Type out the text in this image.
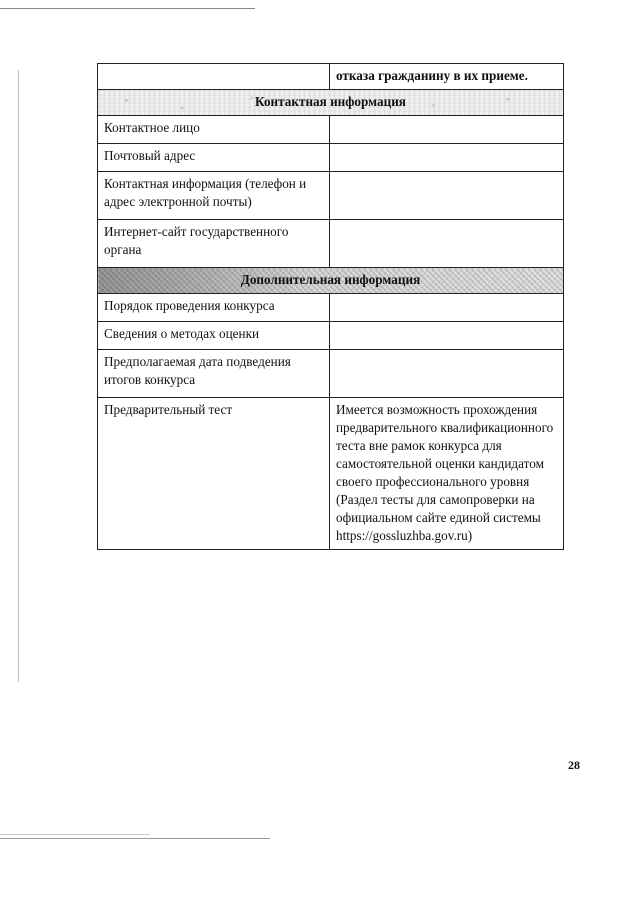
	отказа гражданину в их приеме.
Контактная информация	
Контактное лицо	
Почтовый адрес	
Контактная информация (телефон и адрес электронной почты)	
Интернет-сайт государственного органа	
Дополнительная информация	
Порядок проведения конкурса	
Сведения о методах оценки	
Предполагаемая дата подведения итогов конкурса	
Предварительный тест	Имеется возможность прохождения предварительного квалификационного теста вне рамок конкурса для самостоятельной оценки кандидатом своего профессионального уровня (Раздел тесты для самопроверки на официальном сайте единой системы https://gossluzhba.gov.ru)
28
